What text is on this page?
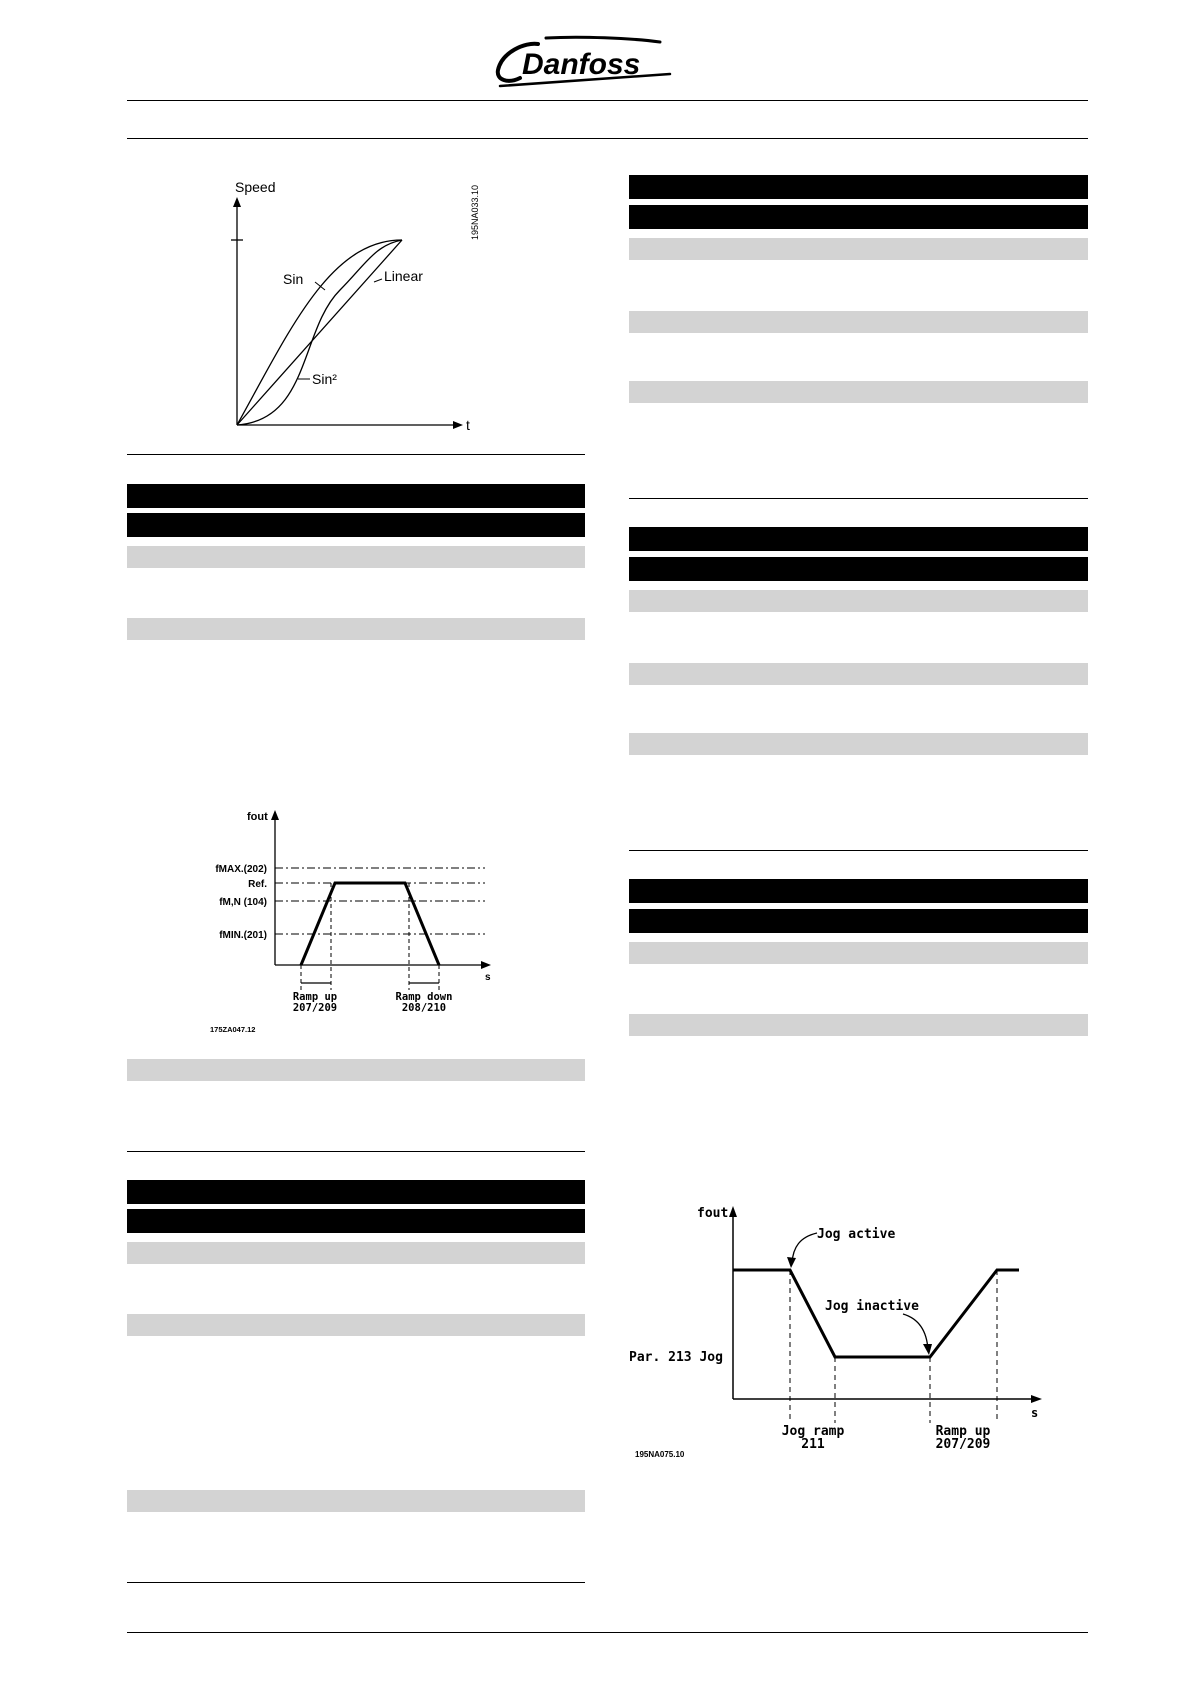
Danfoss
Speed
t
195NA033.10
Sin	Linear
Sin²
fout
s
fMAX.(202)
Ref.
fM,N (104)
fMIN.(201)
Ramp up
207/209
Ramp down
208/210
175ZA047.12
fout
s
Jog active
Jog inactive
Par. 213 Jog
Jog ramp
211
Ramp up
207/209
195NA075.10
